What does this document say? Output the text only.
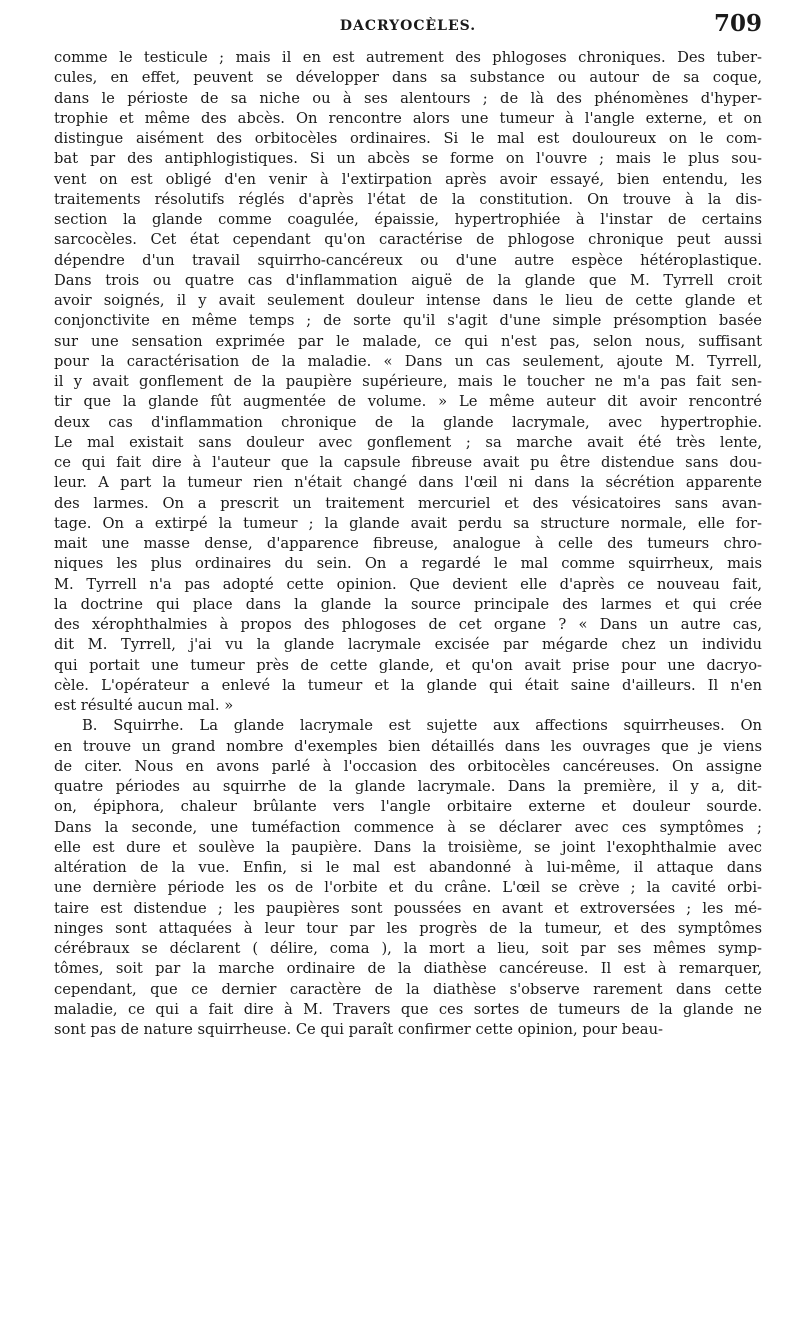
DACRYOCÈLES.	709
comme le testicule ; mais il en est autrement des phlogoses chroniques. Des tuber-
cules, en effet, peuvent se développer dans sa substance ou autour de sa coque,
dans le périoste de sa niche ou à ses alentours ; de là des phénomènes d'hyper-
trophie et même des abcès. On rencontre alors une tumeur à l'angle externe, et on
distingue aisément des orbitocèles ordinaires. Si le mal est douloureux on le com-
bat par des antiphlogistiques. Si un abcès se forme on l'ouvre ; mais le plus sou-
vent on est obligé d'en venir à l'extirpation après avoir essayé, bien entendu, les
traitements résolutifs réglés d'après l'état de la constitution. On trouve à la dis-
section la glande comme coagulée, épaissie, hypertrophiée à l'instar de certains
sarcocèles. Cet état cependant qu'on caractérise de phlogose chronique peut aussi
dépendre d'un travail squirrho-cancéreux ou d'une autre espèce hétéroplastique.
Dans trois ou quatre cas d'inflammation aiguë de la glande que M. Tyrrell croit
avoir soignés, il y avait seulement douleur intense dans le lieu de cette glande et
conjonctivite en même temps ; de sorte qu'il s'agit d'une simple présomption basée
sur une sensation exprimée par le malade, ce qui n'est pas, selon nous, suffisant
pour la caractérisation de la maladie. « Dans un cas seulement, ajoute M. Tyrrell,
il y avait gonflement de la paupière supérieure, mais le toucher ne m'a pas fait sen-
tir que la glande fût augmentée de volume. » Le même auteur dit avoir rencontré
deux cas d'inflammation chronique de la glande lacrymale, avec hypertrophie.
Le mal existait sans douleur avec gonflement ; sa marche avait été très lente,
ce qui fait dire à l'auteur que la capsule fibreuse avait pu être distendue sans dou-
leur. A part la tumeur rien n'était changé dans l'œil ni dans la sécrétion apparente
des larmes. On a prescrit un traitement mercuriel et des vésicatoires sans avan-
tage. On a extirpé la tumeur ; la glande avait perdu sa structure normale, elle for-
mait une masse dense, d'apparence fibreuse, analogue à celle des tumeurs chro-
niques les plus ordinaires du sein. On a regardé le mal comme squirrheux, mais
M. Tyrrell n'a pas adopté cette opinion. Que devient elle d'après ce nouveau fait,
la doctrine qui place dans la glande la source principale des larmes et qui crée
des xérophthalmies à propos des phlogoses de cet organe ? « Dans un autre cas,
dit M. Tyrrell, j'ai vu la glande lacrymale excisée par mégarde chez un individu
qui portait une tumeur près de cette glande, et qu'on avait prise pour une dacryo-
cèle. L'opérateur a enlevé la tumeur et la glande qui était saine d'ailleurs. Il n'en
est résulté aucun mal. »
B. Squirrhe. La glande lacrymale est sujette aux affections squirrheuses. On
en trouve un grand nombre d'exemples bien détaillés dans les ouvrages que je viens
de citer. Nous en avons parlé à l'occasion des orbitocèles cancéreuses. On assigne
quatre périodes au squirrhe de la glande lacrymale. Dans la première, il y a, dit-
on, épiphora, chaleur brûlante vers l'angle orbitaire externe et douleur sourde.
Dans la seconde, une tuméfaction commence à se déclarer avec ces symptômes ;
elle est dure et soulève la paupière. Dans la troisième, se joint l'exophthalmie avec
altération de la vue. Enfin, si le mal est abandonné à lui-même, il attaque dans
une dernière période les os de l'orbite et du crâne. L'œil se crève ; la cavité orbi-
taire est distendue ; les paupières sont poussées en avant et extroversées ; les mé-
ninges sont attaquées à leur tour par les progrès de la tumeur, et des symptômes
cérébraux se déclarent ( délire, coma ), la mort a lieu, soit par ses mêmes symp-
tômes, soit par la marche ordinaire de la diathèse cancéreuse. Il est à remarquer,
cependant, que ce dernier caractère de la diathèse s'observe rarement dans cette
maladie, ce qui a fait dire à M. Travers que ces sortes de tumeurs de la glande ne
sont pas de nature squirrheuse. Ce qui paraît confirmer cette opinion, pour beau-
